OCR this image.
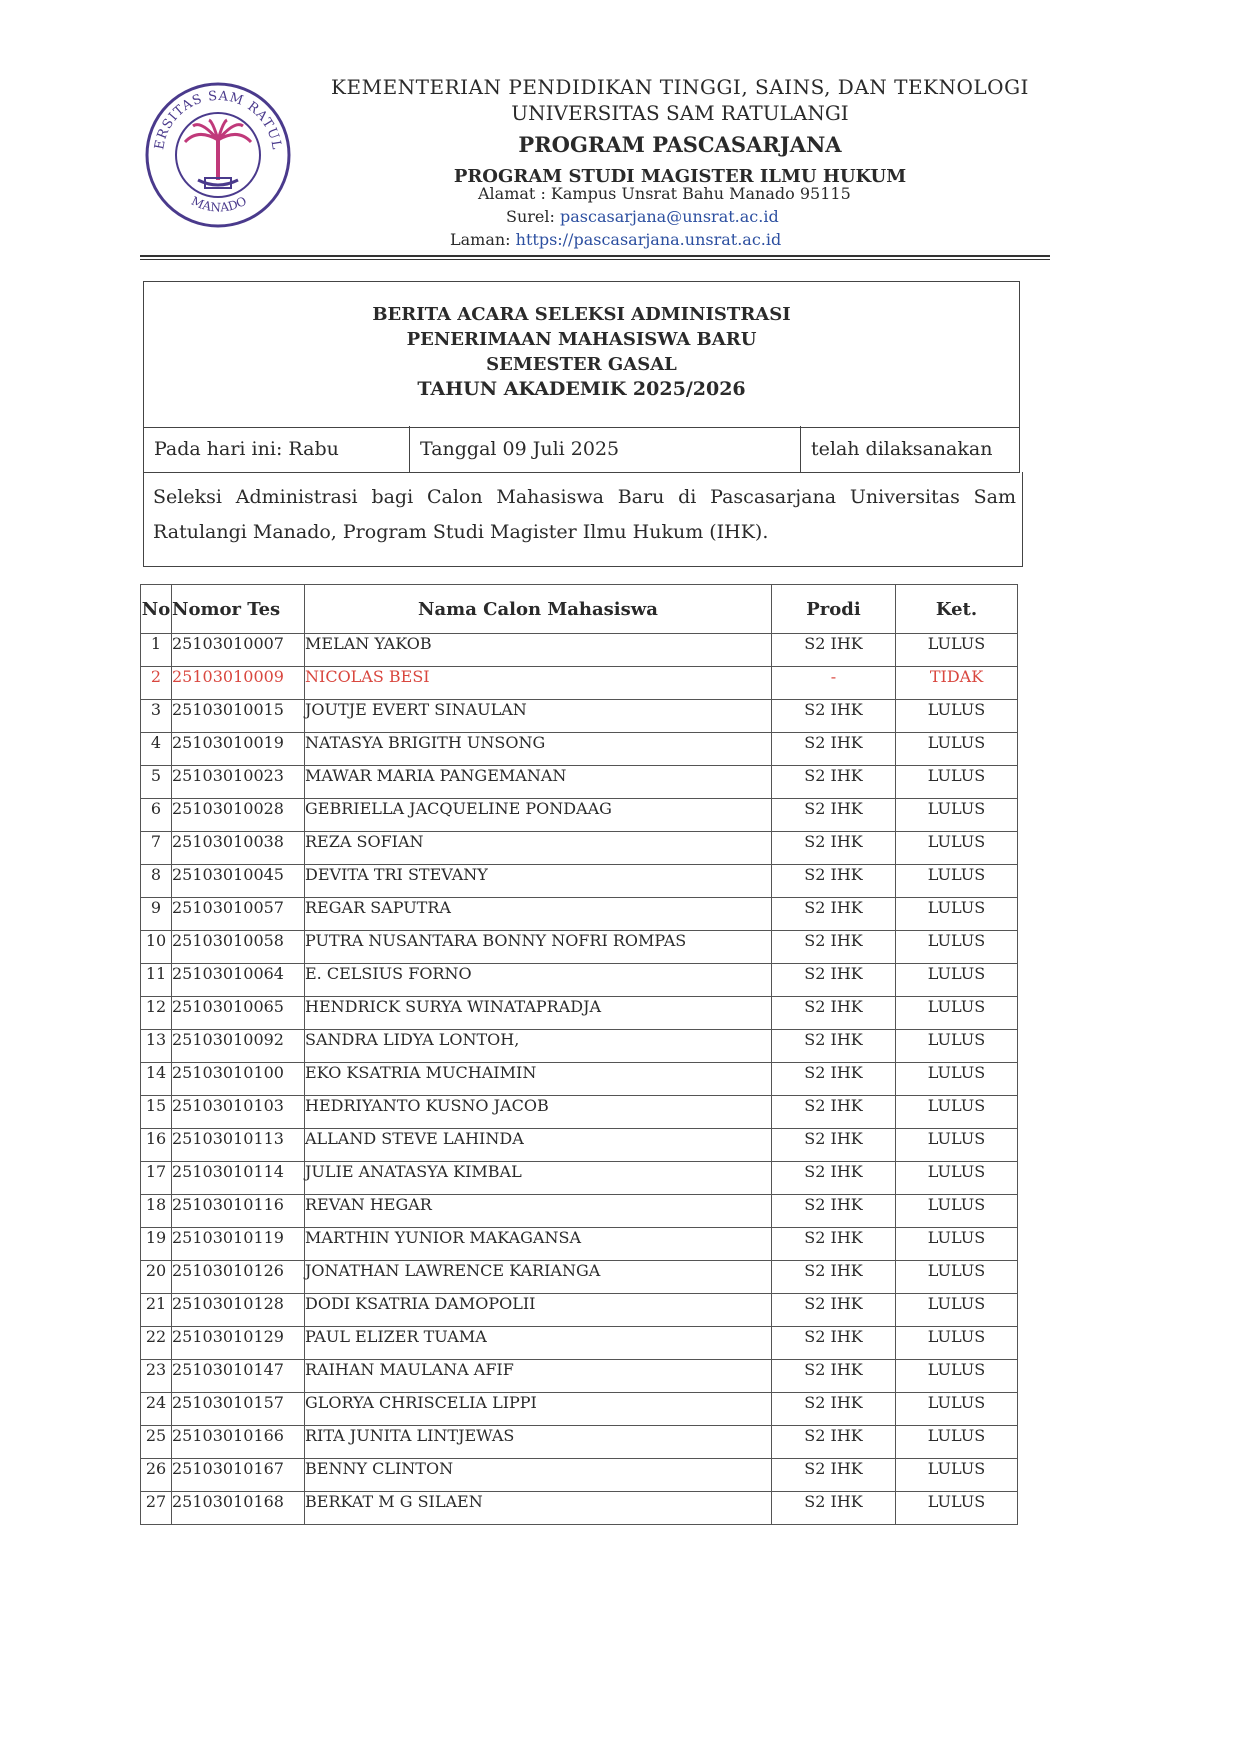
ERSITAS SAM RATUL
MANADO
KEMENTERIAN PENDIDIKAN TINGGI, SAINS, DAN TEKNOLOGI
UNIVERSITAS SAM RATULANGI
PROGRAM PASCASARJANA
PROGRAM STUDI MAGISTER ILMU HUKUM
Alamat : Kampus Unsrat Bahu Manado 95115
Surel: pascasarjana@unsrat.ac.id
Laman: https://pascasarjana.unsrat.ac.id
BERITA ACARA SELEKSI ADMINISTRASI
PENERIMAAN MAHASISWA BARU
SEMESTER GASAL
TAHUN AKADEMIK 2025/2026
Pada hari ini: Rabu	Tanggal 09 Juli 2025	telah dilaksanakan
Seleksi Administrasi bagi Calon Mahasiswa Baru di Pascasarjana Universitas Sam Ratulangi Manado, Program Studi Magister Ilmu Hukum (IHK).
No	Nomor Tes	Nama Calon Mahasiswa	Prodi	Ket.
1	25103010007	MELAN YAKOB	S2 IHK	LULUS
2	25103010009	NICOLAS BESI	-	TIDAK
3	25103010015	JOUTJE EVERT SINAULAN	S2 IHK	LULUS
4	25103010019	NATASYA BRIGITH UNSONG	S2 IHK	LULUS
5	25103010023	MAWAR MARIA PANGEMANAN	S2 IHK	LULUS
6	25103010028	GEBRIELLA JACQUELINE PONDAAG	S2 IHK	LULUS
7	25103010038	REZA SOFIAN	S2 IHK	LULUS
8	25103010045	DEVITA TRI STEVANY	S2 IHK	LULUS
9	25103010057	REGAR SAPUTRA	S2 IHK	LULUS
10	25103010058	PUTRA NUSANTARA BONNY NOFRI ROMPAS	S2 IHK	LULUS
11	25103010064	E. CELSIUS FORNO	S2 IHK	LULUS
12	25103010065	HENDRICK SURYA WINATAPRADJA	S2 IHK	LULUS
13	25103010092	SANDRA LIDYA LONTOH,	S2 IHK	LULUS
14	25103010100	EKO KSATRIA MUCHAIMIN	S2 IHK	LULUS
15	25103010103	HEDRIYANTO KUSNO JACOB	S2 IHK	LULUS
16	25103010113	ALLAND STEVE LAHINDA	S2 IHK	LULUS
17	25103010114	JULIE ANATASYA KIMBAL	S2 IHK	LULUS
18	25103010116	REVAN HEGAR	S2 IHK	LULUS
19	25103010119	MARTHIN YUNIOR MAKAGANSA	S2 IHK	LULUS
20	25103010126	JONATHAN LAWRENCE KARIANGA	S2 IHK	LULUS
21	25103010128	DODI KSATRIA DAMOPOLII	S2 IHK	LULUS
22	25103010129	PAUL ELIZER TUAMA	S2 IHK	LULUS
23	25103010147	RAIHAN MAULANA AFIF	S2 IHK	LULUS
24	25103010157	GLORYA CHRISCELIA LIPPI	S2 IHK	LULUS
25	25103010166	RITA JUNITA LINTJEWAS	S2 IHK	LULUS
26	25103010167	BENNY CLINTON	S2 IHK	LULUS
27	25103010168	BERKAT M G SILAEN	S2 IHK	LULUS
